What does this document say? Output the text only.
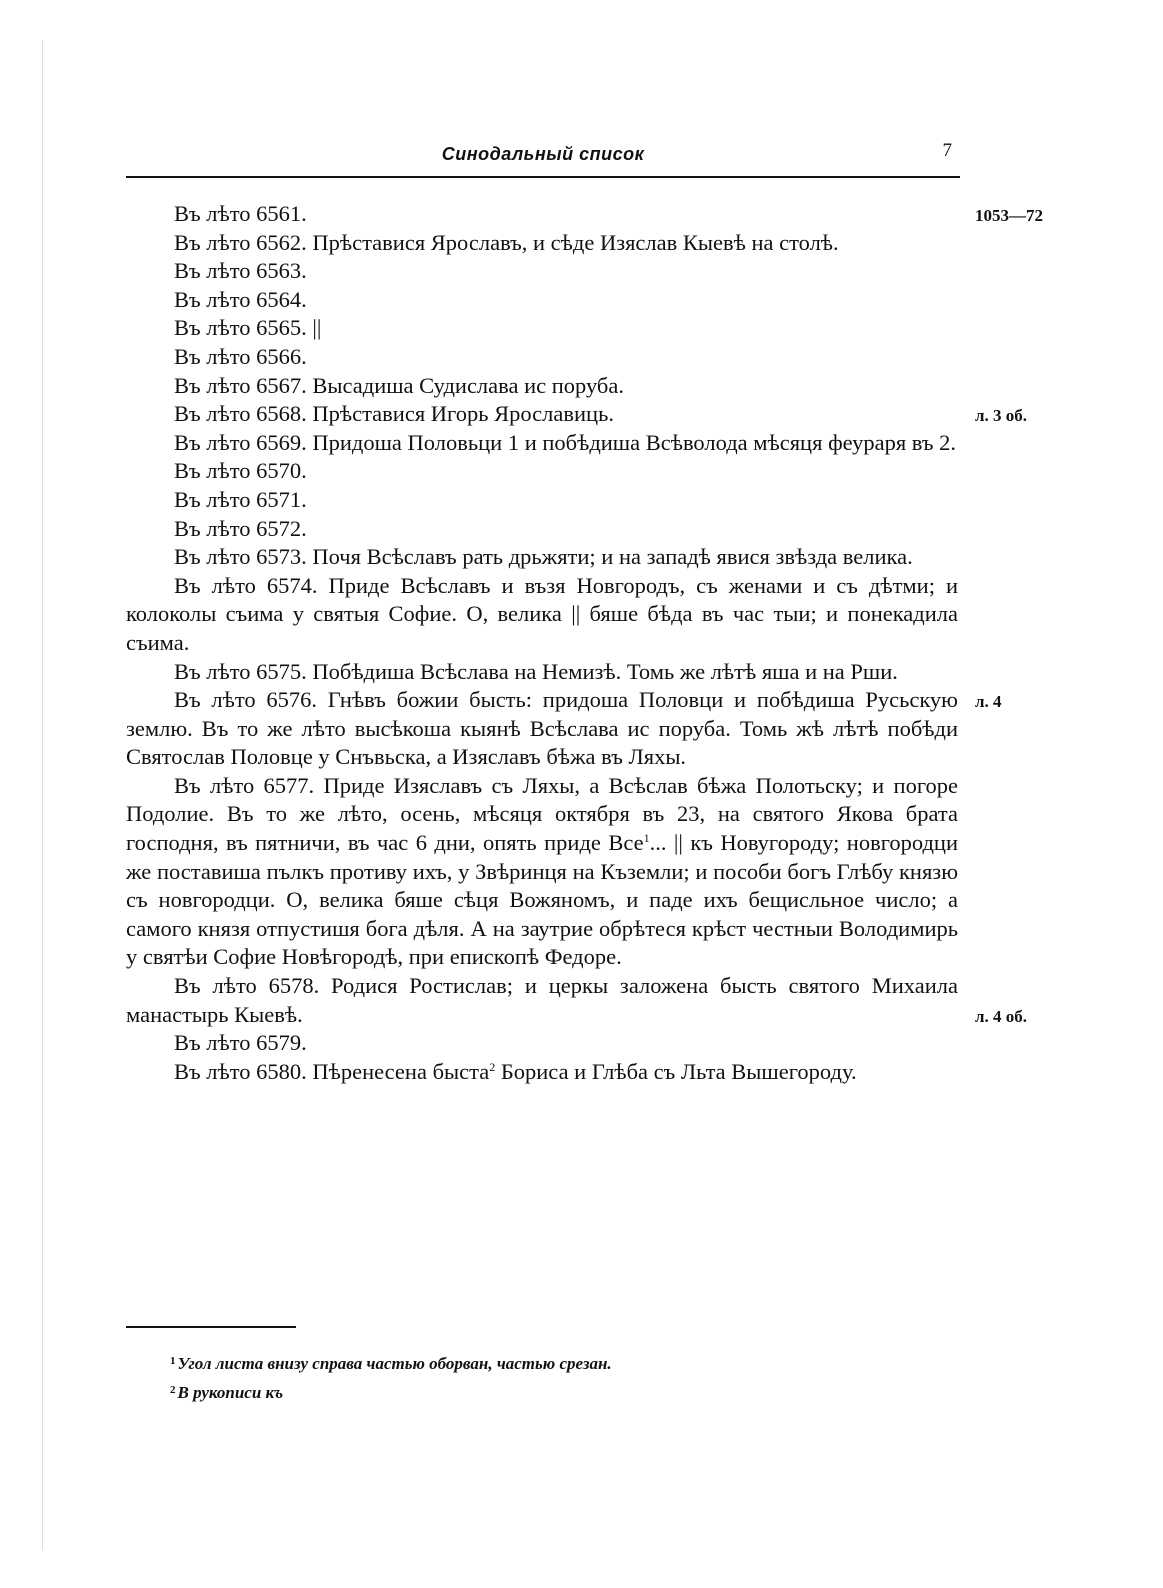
Синодальный список	7
1053—72
л. 3 об.
л. 4
л. 4 об.

Въ лѣто 6561.

Въ лѣто 6562. Прѣставися Ярославъ, и сѣде Изяслав Кыевѣ на столѣ.

Въ лѣто 6563.

Въ лѣто 6564.

Въ лѣто 6565. ||

Въ лѣто 6566.

Въ лѣто 6567. Высадиша Судислава ис поруба.

Въ лѣто 6568. Прѣставися Игорь Ярославиць.

Въ лѣто 6569. Придоша Половьци 1 и побѣдиша Всѣволода мѣсяця феураря въ 2.

Въ лѣто 6570.

Въ лѣто 6571.

Въ лѣто 6572.

Въ лѣто 6573. Почя Всѣславъ рать дрьжяти; и на западѣ явися звѣзда велика.

Въ лѣто 6574. Приде Всѣславъ и възя Новгородъ, съ женами и съ дѣтми; и колоколы съима у святыя Софие. О, велика || бяше бѣда въ час тыи; и понекадила съима.

Въ лѣто 6575. Побѣдиша Всѣслава на Немизѣ. Томь же лѣтѣ яша и на Рши.

Въ лѣто 6576. Гнѣвъ божии бысть: придоша Половци и побѣдиша Русьскую землю. Въ то же лѣто высѣкоша кыянѣ Всѣслава ис поруба. Томь жѣ лѣтѣ побѣди Святослав Половце у Снъвьска, а Изяславъ бѣжа въ Ляхы.

Въ лѣто 6577. Приде Изяславъ съ Ляхы, а Всѣслав бѣжа Полотьску; и погоре Подолие. Въ то же лѣто, осень, мѣсяця октября въ 23, на святого Якова брата господня, въ пятничи, въ час 6 дни, опять приде Все$^1$... || къ Новугороду; новгородци же поставиша пълкъ противу ихъ, у Звѣринця на Къземли; и пособи богъ Глѣбу князю съ новгородци. О, велика бяше сѣця Вожяномъ, и паде ихъ бещисльное число; а самого князя отпустишя бога дѣля. А на заутрие обрѣтеся крѣст честныи Володимирь у святѣи Софие Новѣгородѣ, при епископѣ Федоре.

Въ лѣто 6578. Родися Ростислав; и церкы заложена бысть святого Михаила манастырь Кыевѣ.

Въ лѣто 6579.

Въ лѣто 6580. Пѣренесена быста$^2$ Бориса и Глѣба съ Льта Вышегороду.

$^1$ Угол листа внизу справа частью оборван, частью срезан.

$^2$ В рукописи къ
